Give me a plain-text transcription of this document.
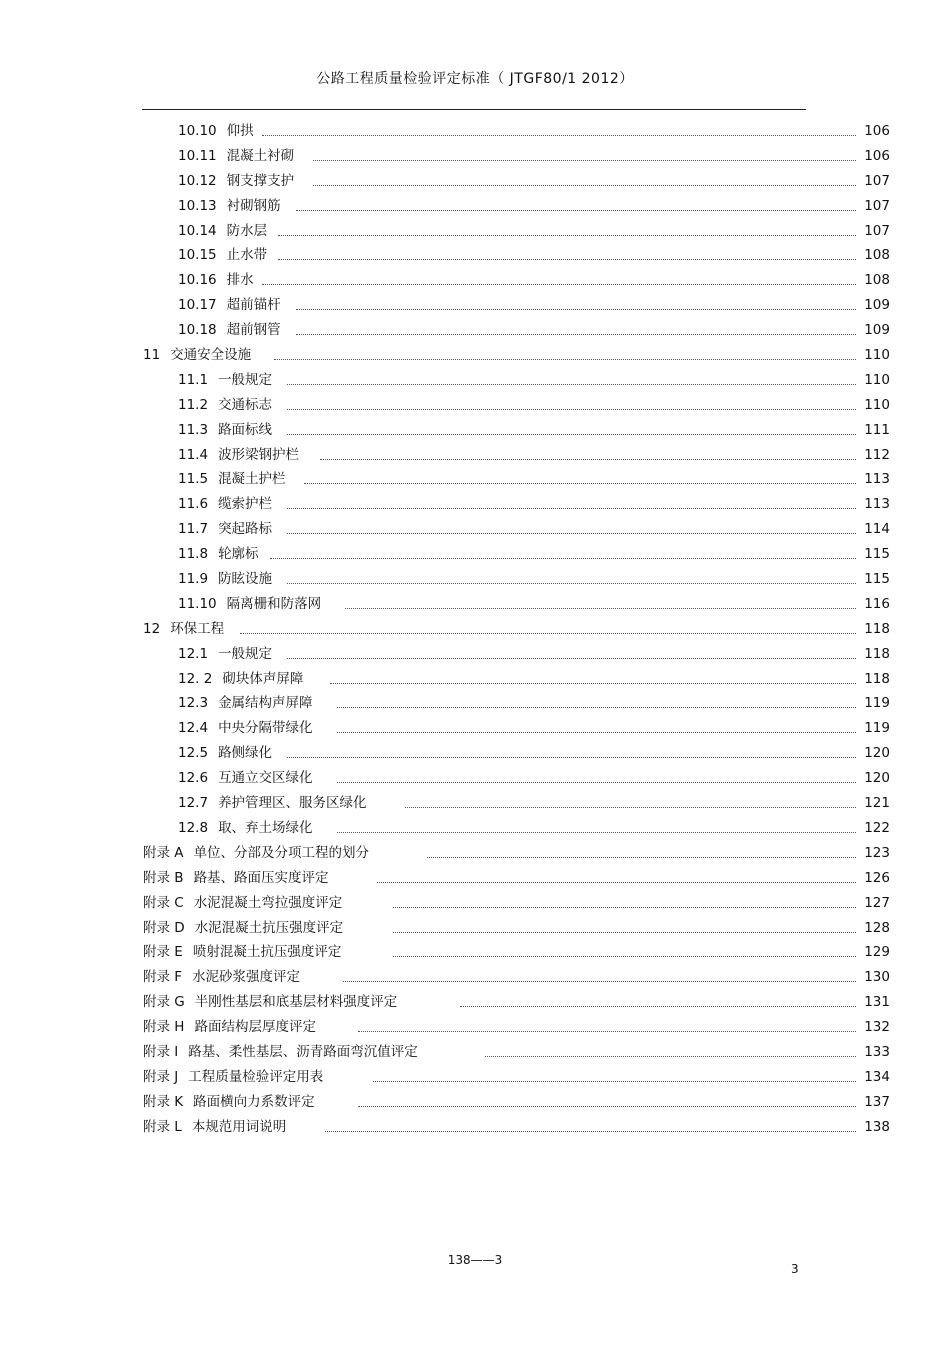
公路工程质量检验评定标准（ JTGF80/1 2012）
10.10 仰拱	106
10.11 混凝土衬砌	106
10.12 钢支撑支护	107
10.13 衬砌钢筋	107
10.14 防水层	107
10.15 止水带	108
10.16 排水	108
10.17 超前锚杆	109
10.18 超前钢管	109
11 交通安全设施	110
11.1 一般规定	110
11.2 交通标志	110
11.3 路面标线	111
11.4 波形梁钢护栏	112
11.5 混凝土护栏	113
11.6 缆索护栏	113
11.7 突起路标	114
11.8 轮廓标	115
11.9 防眩设施	115
11.10 隔离栅和防落网	116
12 环保工程	118
12.1 一般规定	118
12. 2 砌块体声屏障	118
12.3 金属结构声屏障	119
12.4 中央分隔带绿化	119
12.5 路侧绿化	120
12.6 互通立交区绿化	120
12.7 养护管理区、服务区绿化	121
12.8 取、弃土场绿化	122
附录 A 单位、分部及分项工程的划分	123
附录 B 路基、路面压实度评定	126
附录 C 水泥混凝土弯拉强度评定	127
附录 D 水泥混凝土抗压强度评定	128
附录 E 喷射混凝土抗压强度评定	129
附录 F 水泥砂浆强度评定	130
附录 G 半刚性基层和底基层材料强度评定	131
附录 H 路面结构层厚度评定	132
附录 I 路基、柔性基层、沥青路面弯沉值评定	133
附录 J 工程质量检验评定用表	134
附录 K 路面横向力系数评定	137
附录 L 本规范用词说明	138
138——3
3
